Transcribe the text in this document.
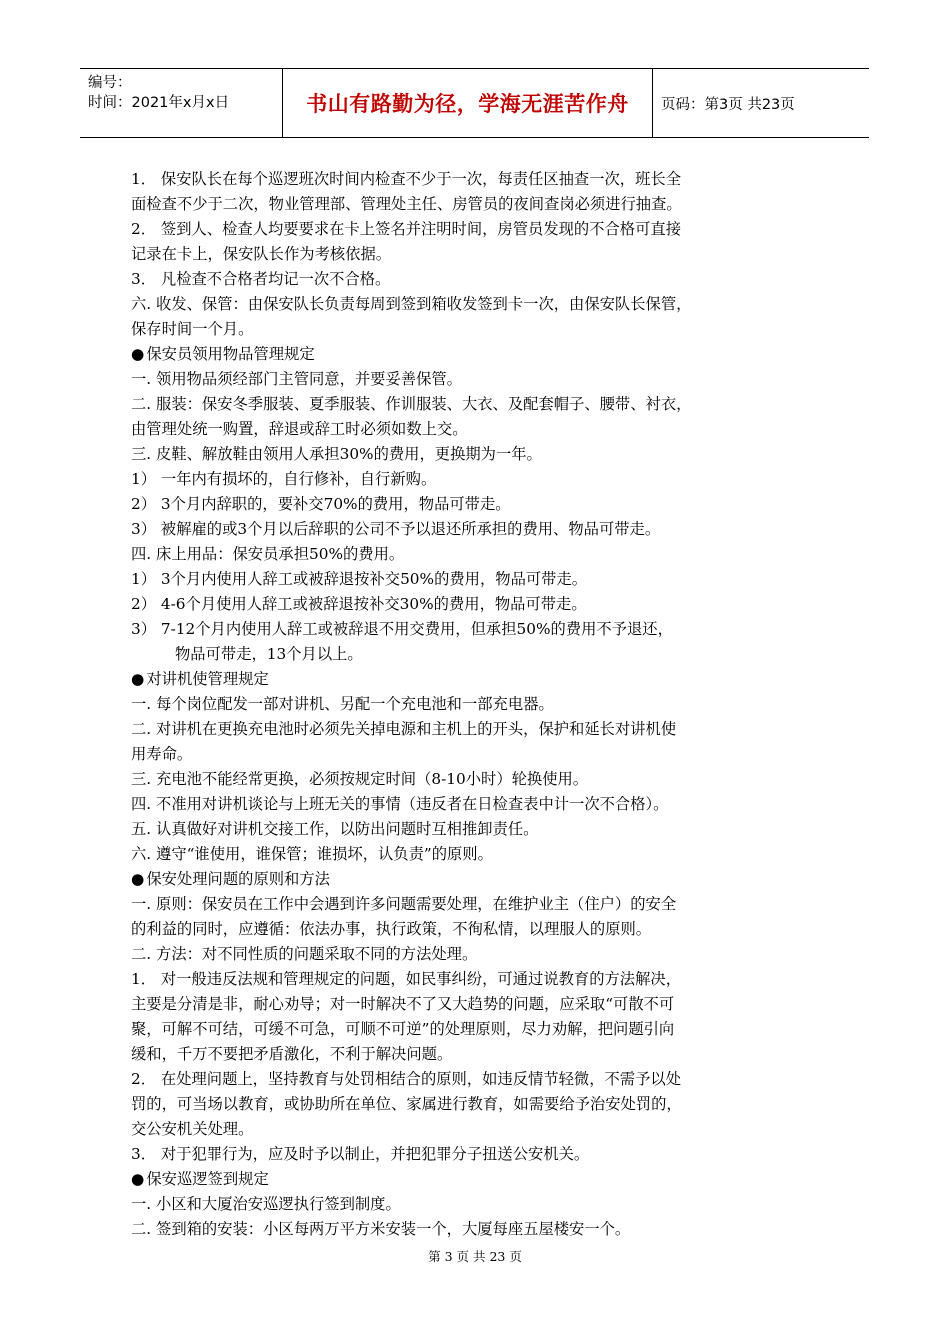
编号：
时间：2021年x月x日	书山有路勤为径，学海无涯苦作舟 页码：第3页 共23页
1． 保安队长在每个巡逻班次时间内检查不少于一次，每责任区抽查一次，班长全
面检查不少于二次，物业管理部、管理处主任、房管员的夜间查岗必须进行抽查。
2． 签到人、检查人均要要求在卡上签名并注明时间，房管员发现的不合格可直接
记录在卡上，保安队长作为考核依据。
3． 凡检查不合格者均记一次不合格。
六. 收发、保管：由保安队长负责每周到签到箱收发签到卡一次，由保安队长保管，
保存时间一个月。
● 保安员领用物品管理规定
一. 领用物品须经部门主管同意，并要妥善保管。
二. 服装：保安冬季服装、夏季服装、作训服装、大衣、及配套帽子、腰带、衬衣，
由管理处统一购置，辞退或辞工时必须如数上交。
三. 皮鞋、解放鞋由领用人承担30%的费用，更换期为一年。
1） 一年内有损坏的，自行修补，自行新购。
2） 3个月内辞职的，要补交70%的费用，物品可带走。
3） 被解雇的或3个月以后辞职的公司不予以退还所承担的费用、物品可带走。
四. 床上用品：保安员承担50%的费用。
1） 3个月内使用人辞工或被辞退按补交50%的费用，物品可带走。
2） 4-6个月使用人辞工或被辞退按补交30%的费用，物品可带走。
3） 7-12个月内使用人辞工或被辞退不用交费用，但承担50%的费用不予退还，
物品可带走，13个月以上。
● 对讲机使管理规定
一. 每个岗位配发一部对讲机、另配一个充电池和一部充电器。
二. 对讲机在更换充电池时必须先关掉电源和主机上的开头，保护和延长对讲机使
用寿命。
三. 充电池不能经常更换，必须按规定时间（8-10小时）轮换使用。
四. 不准用对讲机谈论与上班无关的事情（违反者在日检查表中计一次不合格）。
五. 认真做好对讲机交接工作，以防出问题时互相推卸责任。
六. 遵守“谁使用，谁保管；谁损坏，认负责”的原则。
● 保安处理问题的原则和方法
一. 原则：保安员在工作中会遇到许多问题需要处理，在维护业主（住户）的安全
的利益的同时，应遵循：依法办事，执行政策，不徇私情，以理服人的原则。
二. 方法：对不同性质的问题采取不同的方法处理。
1． 对一般违反法规和管理规定的问题，如民事纠纷，可通过说教育的方法解决，
主要是分清是非，耐心劝导；对一时解决不了又大趋势的问题，应采取“可散不可
聚，可解不可结，可缓不可急，可顺不可逆”的处理原则，尽力劝解，把问题引向
缓和，千万不要把矛盾激化，不利于解决问题。
2． 在处理问题上，坚持教育与处罚相结合的原则，如违反情节轻微，不需予以处
罚的，可当场以教育，或协助所在单位、家属进行教育，如需要给予治安处罚的，
交公安机关处理。
3． 对于犯罪行为，应及时予以制止，并把犯罪分子扭送公安机关。
● 保安巡逻签到规定
一. 小区和大厦治安巡逻执行签到制度。
二. 签到箱的安装：小区每两万平方米安装一个，大厦每座五屋楼安一个。
第 3 页 共 23 页
